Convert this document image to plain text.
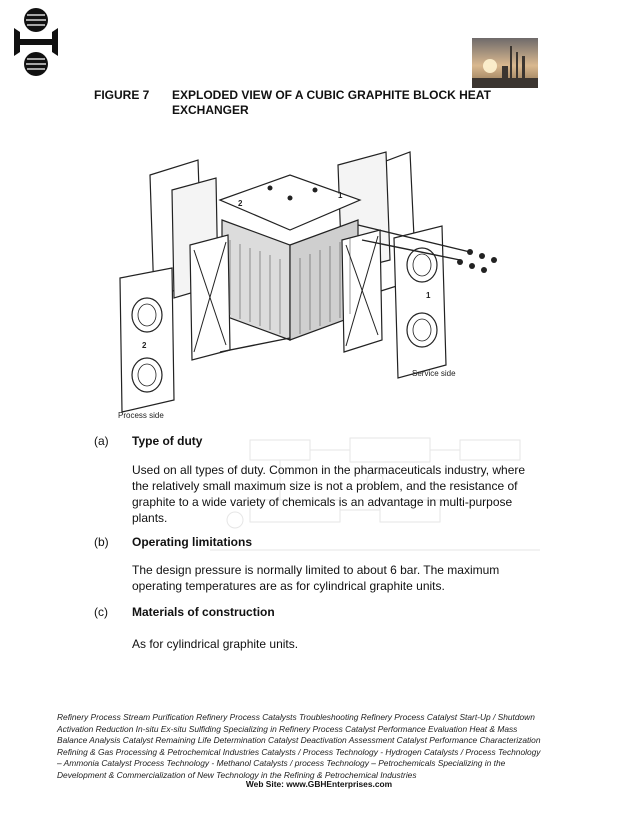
FIGURE 7 EXPLODED VIEW OF A CUBIC GRAPHITE BLOCK HEAT EXCHANGER
2
2
1
1
Process side
Service side
(a) Type of duty
Used on all types of duty. Common in the pharmaceuticals industry, where the relatively small maximum size is not a problem, and the resistance of graphite to a wide variety of chemicals is an advantage in multi-purpose plants.
(b) Operating limitations
The design pressure is normally limited to about 6 bar. The maximum operating temperatures are as for cylindrical graphite units.
(c) Materials of construction
As for cylindrical graphite units.
Refinery Process Stream Purification Refinery Process Catalysts Troubleshooting Refinery Process Catalyst Start-Up / Shutdown Activation Reduction In-situ Ex-situ Sulfiding Specializing in Refinery Process Catalyst Performance Evaluation Heat & Mass Balance Analysis Catalyst Remaining Life Determination Catalyst Deactivation Assessment Catalyst Performance Characterization Refining & Gas Processing & Petrochemical Industries Catalysts / Process Technology - Hydrogen Catalysts / Process Technology – Ammonia Catalyst Process Technology - Methanol Catalysts / process Technology – Petrochemicals Specializing in the Development & Commercialization of New Technology in the Refining & Petrochemical Industries
Web Site: www.GBHEnterprises.com
